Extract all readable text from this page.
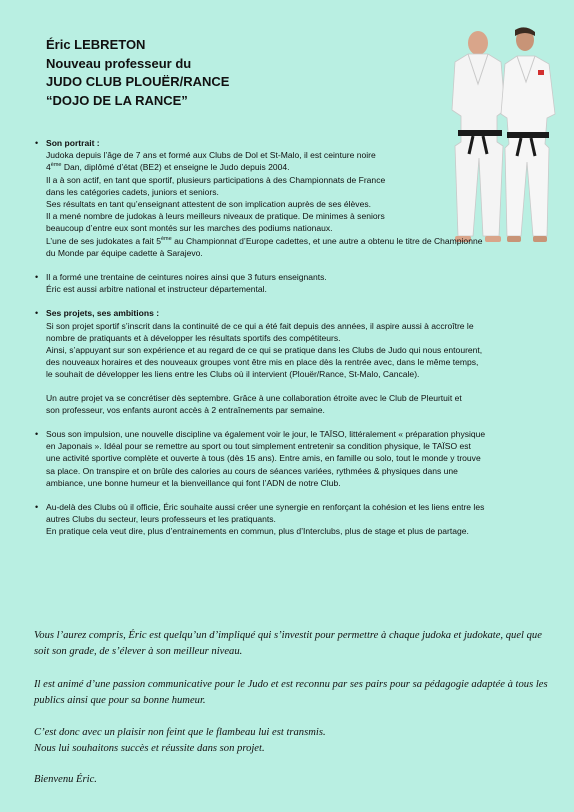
Éric LEBRETON
Nouveau professeur du
JUDO CLUB PLOUËR/RANCE
“DOJO DE LA RANCE”
• Son portrait :

Judoka depuis l’âge de 7 ans et formé aux Clubs de Dol et St-Malo, il est ceinture noire

4ème Dan, diplômé d’état (BE2) et enseigne le Judo depuis 2004.

Il a à son actif, en tant que sportif, plusieurs participations à des Championnats de France

dans les catégories cadets, juniors et seniors.

Ses résultats en tant qu’enseignant attestent de son implication auprès de ses élèves.

Il a mené nombre de judokas à leurs meilleurs niveaux de pratique. De minimes à seniors

beaucoup d’entre eux sont montés sur les marches des podiums nationaux.

L’une de ses judokates a fait 5ème au Championnat d’Europe cadettes, et une autre a obtenu le titre de Championne

du Monde par équipe cadette à Sarajevo.

• Il a formé une trentaine de ceintures noires ainsi que 3 futurs enseignants.

Éric est aussi arbitre national et instructeur départemental.

• Ses projets, ses ambitions :

Si son projet sportif s’inscrit dans la continuité de ce qui a été fait depuis des années, il aspire aussi à accroître le

nombre de pratiquants et à développer les résultats sportifs des compétiteurs.

Ainsi, s’appuyant sur son expérience et au regard de ce qui se pratique dans les Clubs de Judo qui nous entourent,

des nouveaux horaires et des nouveaux groupes vont être mis en place dès la rentrée avec, dans le même temps,

le souhait de développer les liens entre les Clubs où il intervient (Plouër/Rance, St-Malo, Cancale).

Un autre projet va se concrétiser dès septembre. Grâce à une collaboration étroite avec le Club de Pleurtuit et

son professeur, vos enfants auront accès à 2 entraînements par semaine.

• Sous son impulsion, une nouvelle discipline va également voir le jour, le TAÏSO, littéralement « préparation physique

en Japonais ». Idéal pour se remettre au sport ou tout simplement entretenir sa condition physique, le TAÏSO est

une activité sportive complète et ouverte à tous (dès 15 ans). Entre amis, en famille ou solo, tout le monde y trouve

sa place. On transpire et on brûle des calories au cours de séances variées, rythmées & physiques dans une

ambiance, une bonne humeur et la bienveillance qui font l’ADN de notre Club.

• Au-delà des Clubs où il officie, Éric souhaite aussi créer une synergie en renforçant la cohésion et les liens entre les

autres Clubs du secteur, leurs professeurs et les pratiquants.

En pratique cela veut dire, plus d’entrainements en commun, plus d’Interclubs, plus de stage et plus de partage.

Vous l’aurez compris, Éric est quelqu’un d’impliqué qui s’investit pour permettre à chaque judoka et judokate, quel que

soit son grade, de s’élever à son meilleur niveau.

Il est animé d’une passion communicative pour le Judo et est reconnu par ses pairs pour sa pédagogie adaptée à tous les

publics ainsi que pour sa bonne humeur.

C’est donc avec un plaisir non feint que le flambeau lui est transmis.

Nous lui souhaitons succès et réussite dans son projet.

Bienvenu Éric.
